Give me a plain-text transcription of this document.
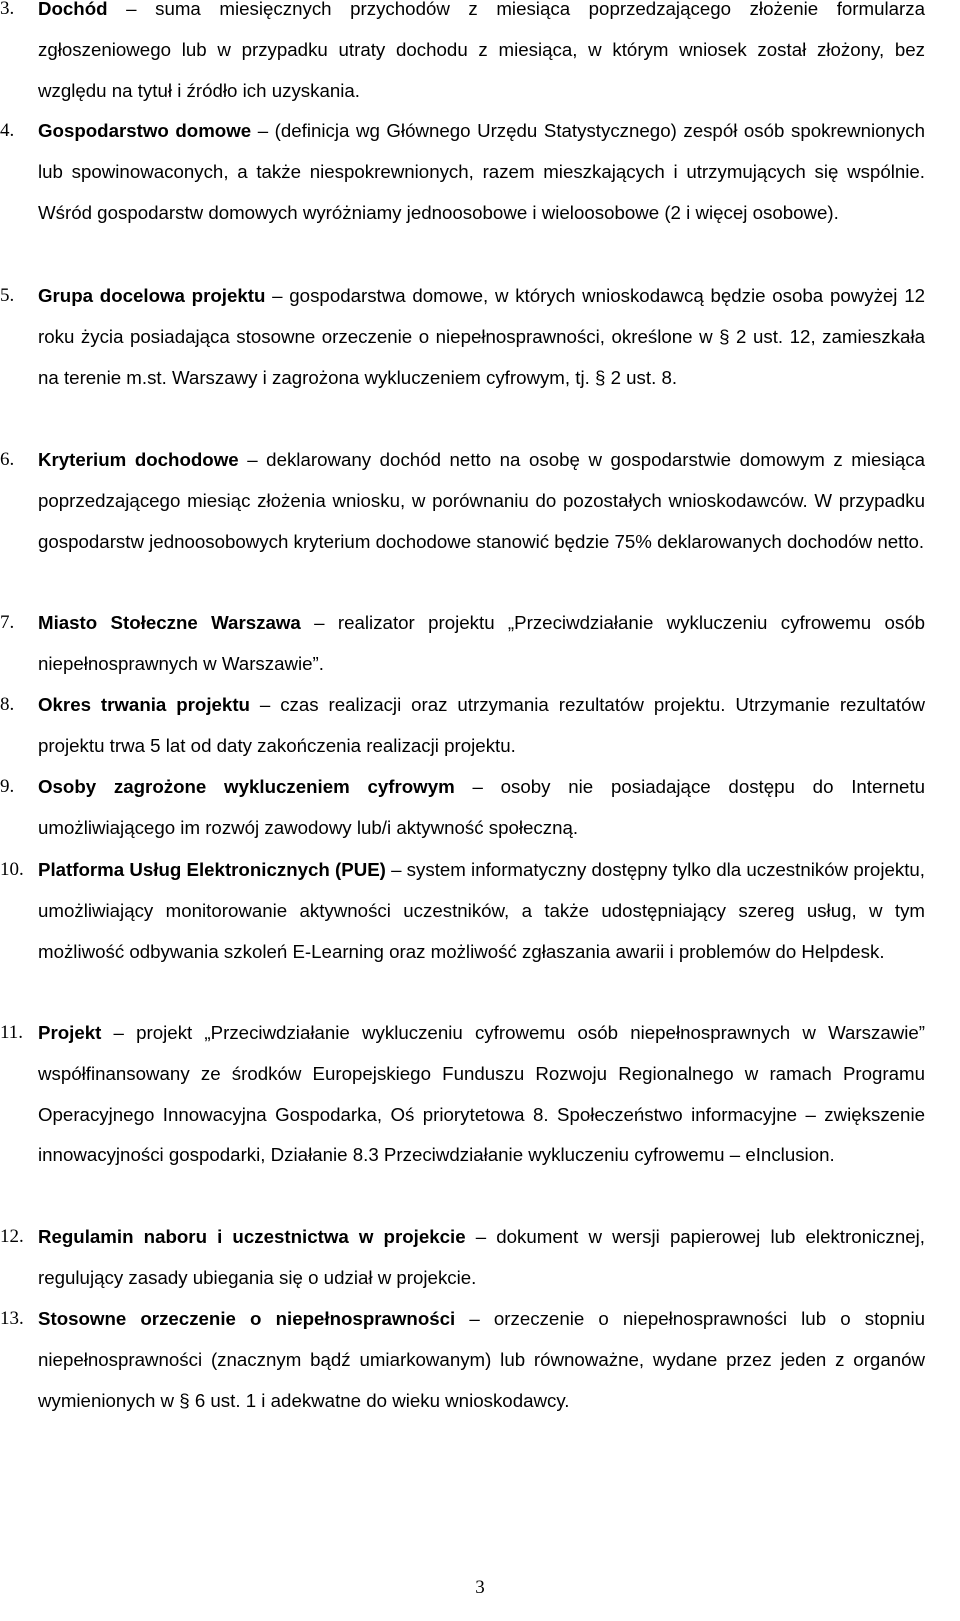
3. Dochód – suma miesięcznych przychodów z miesiąca poprzedzającego złożenie formularza zgłoszeniowego lub w przypadku utraty dochodu z miesiąca, w którym wniosek został złożony, bez względu na tytuł i źródło ich uzyskania.

4. Gospodarstwo domowe – (definicja wg Głównego Urzędu Statystycznego) zespół osób spokrewnionych lub spowinowaconych, a także niespokrewnionych, razem mieszkających i utrzymujących się wspólnie. Wśród gospodarstw domowych wyróżniamy jednoosobowe i wieloosobowe (2 i więcej osobowe).

5. Grupa docelowa projektu – gospodarstwa domowe, w których wnioskodawcą będzie osoba powyżej 12 roku życia posiadająca stosowne orzeczenie o niepełnosprawności, określone w § 2 ust. 12, zamieszkała na terenie m.st. Warszawy i zagrożona wykluczeniem cyfrowym, tj. § 2 ust. 8.

6. Kryterium dochodowe – deklarowany dochód netto na osobę w gospodarstwie domowym z miesiąca poprzedzającego miesiąc złożenia wniosku, w porównaniu do pozostałych wnioskodawców. W przypadku gospodarstw jednoosobowych kryterium dochodowe stanowić będzie 75% deklarowanych dochodów netto.

7. Miasto Stołeczne Warszawa – realizator projektu „Przeciwdziałanie wykluczeniu cyfrowemu osób niepełnosprawnych w Warszawie”.

8. Okres trwania projektu – czas realizacji oraz utrzymania rezultatów projektu. Utrzymanie rezultatów projektu trwa 5 lat od daty zakończenia realizacji projektu.

9. Osoby zagrożone wykluczeniem cyfrowym – osoby nie posiadające dostępu do Internetu umożliwiającego im rozwój zawodowy lub/i aktywność społeczną.

10. Platforma Usług Elektronicznych (PUE) – system informatyczny dostępny tylko dla uczestników projektu, umożliwiający monitorowanie aktywności uczestników, a także udostępniający szereg usług, w tym możliwość odbywania szkoleń E-Learning oraz możliwość zgłaszania awarii i problemów do Helpdesk.

11. Projekt – projekt „Przeciwdziałanie wykluczeniu cyfrowemu osób niepełnosprawnych w Warszawie” współfinansowany ze środków Europejskiego Funduszu Rozwoju Regionalnego w ramach Programu Operacyjnego Innowacyjna Gospodarka, Oś priorytetowa 8. Społeczeństwo informacyjne – zwiększenie innowacyjności gospodarki, Działanie 8.3 Przeciwdziałanie wykluczeniu cyfrowemu – eInclusion.

12. Regulamin naboru i uczestnictwa w projekcie – dokument w wersji papierowej lub elektronicznej, regulujący zasady ubiegania się o udział w projekcie.

13. Stosowne orzeczenie o niepełnosprawności – orzeczenie o niepełnosprawności lub o stopniu niepełnosprawności (znacznym bądź umiarkowanym) lub równoważne, wydane przez jeden z organów wymienionych w § 6 ust. 1 i adekwatne do wieku wnioskodawcy.

3
